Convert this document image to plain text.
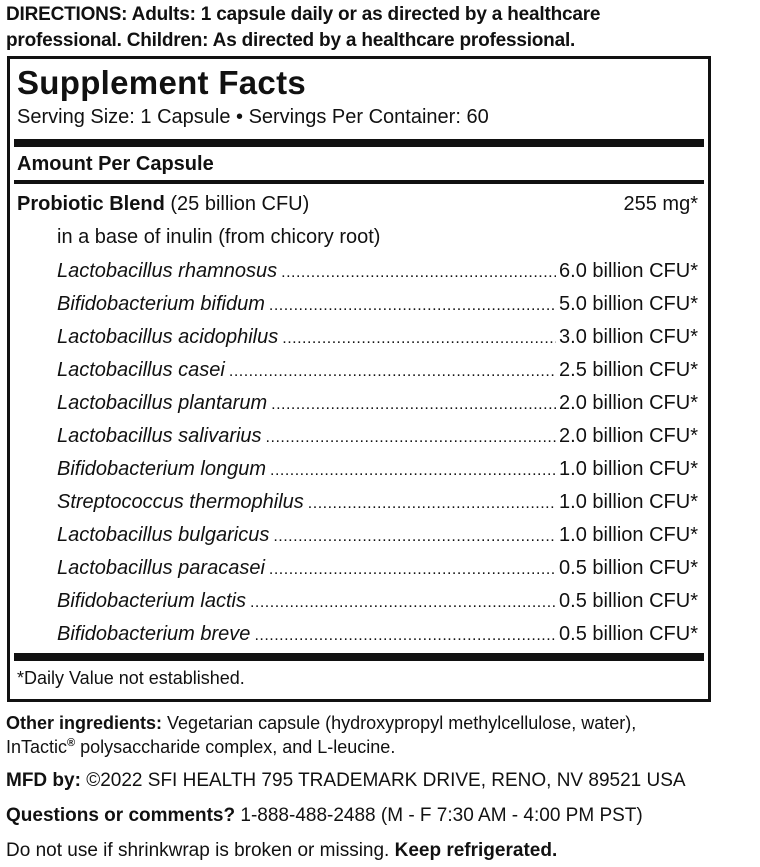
DIRECTIONS: Adults: 1 capsule daily or as directed by a healthcare
professional. Children: As directed by a healthcare professional.
Supplement Facts
Serving Size: 1 Capsule • Servings Per Container: 60
Amount Per Capsule
Probiotic Blend (25 billion CFU)	255 mg*
in a base of inulin (from chicory root)
Lactobacillus rhamnosus .....	6.0 billion CFU*
Bifidobacterium bifidum .....	5.0 billion CFU*
Lactobacillus acidophilus .....	3.0 billion CFU*
Lactobacillus casei .....	2.5 billion CFU*
Lactobacillus plantarum .....	2.0 billion CFU*
Lactobacillus salivarius .....	2.0 billion CFU*
Bifidobacterium longum .....	1.0 billion CFU*
Streptococcus thermophilus .....	1.0 billion CFU*
Lactobacillus bulgaricus .....	1.0 billion CFU*
Lactobacillus paracasei .....	0.5 billion CFU*
Bifidobacterium lactis .....	0.5 billion CFU*
Bifidobacterium breve .....	0.5 billion CFU*
*Daily Value not established.
Other ingredients: Vegetarian capsule (hydroxypropyl methylcellulose, water),
InTactic® polysaccharide complex, and L-leucine.
MFD by: ©2022 SFI HEALTH 795 TRADEMARK DRIVE, RENO, NV 89521 USA
Questions or comments? 1-888-488-2488 (M - F 7:30 AM - 4:00 PM PST)
Do not use if shrinkwrap is broken or missing. Keep refrigerated.
